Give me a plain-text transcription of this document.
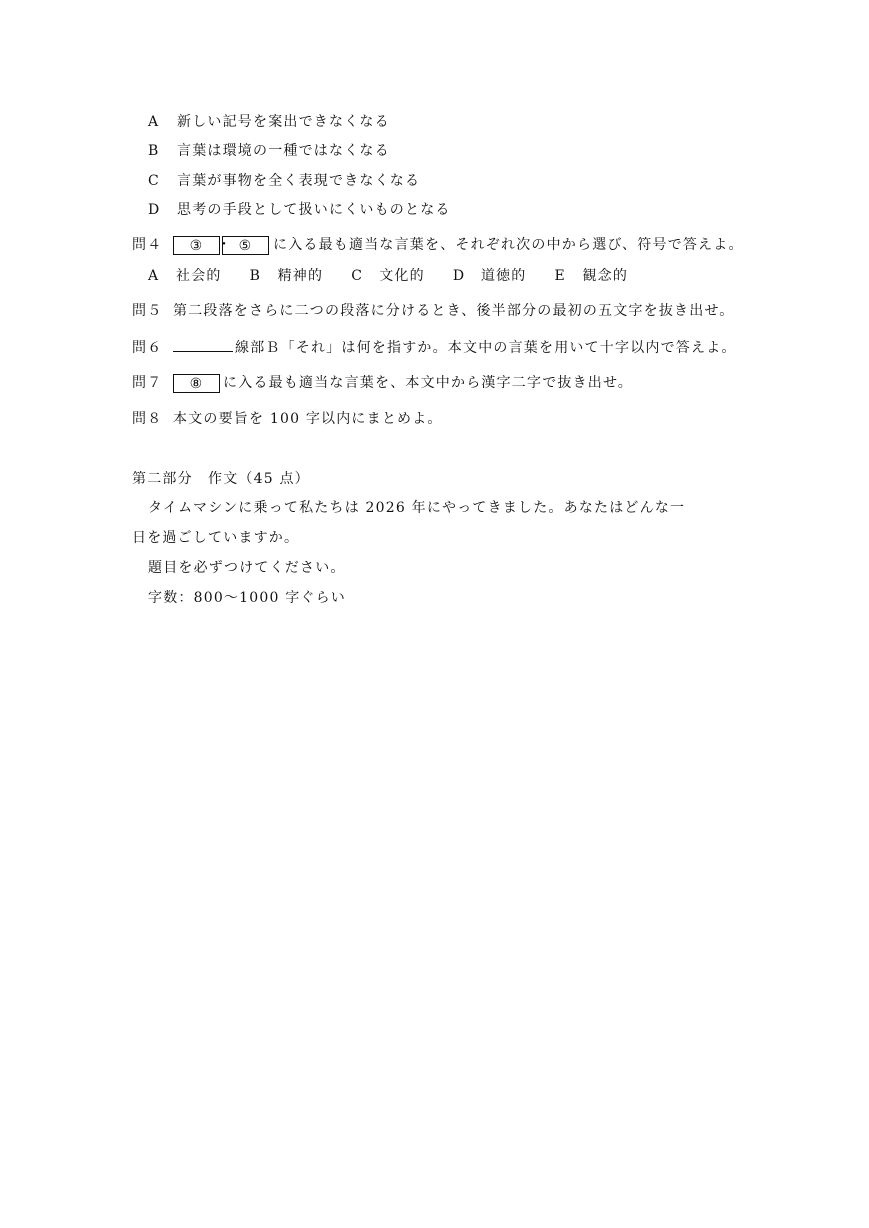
A 新しい記号を案出できなくなる
B 言葉は環境の一種ではなくなる
C 言葉が事物を全く表現できなくなる
D 思考の手段として扱いにくいものとなる
問４ ③ ・ ⑤ に入る最も適当な言葉を、それぞれ次の中から選び、符号で答えよ。
A 社会的 B 精神的 C 文化的 D 道徳的 E 観念的
問５ 第二段落をさらに二つの段落に分けるとき、後半部分の最初の五文字を抜き出せ。
問６	線部Ｂ「それ」は何を指すか。本文中の言葉を用いて十字以内で答えよ。
問７ ⑧ に入る最も適当な言葉を、本文中から漢字二字で抜き出せ。
問８ 本文の要旨を 100 字以内にまとめよ。
第二部分　作文（45 点）
タイムマシンに乗って私たちは 2026 年にやってきました。あなたはどんな一
日を過ごしていますか。
題目を必ずつけてください。
字数：800～1000 字ぐらい
